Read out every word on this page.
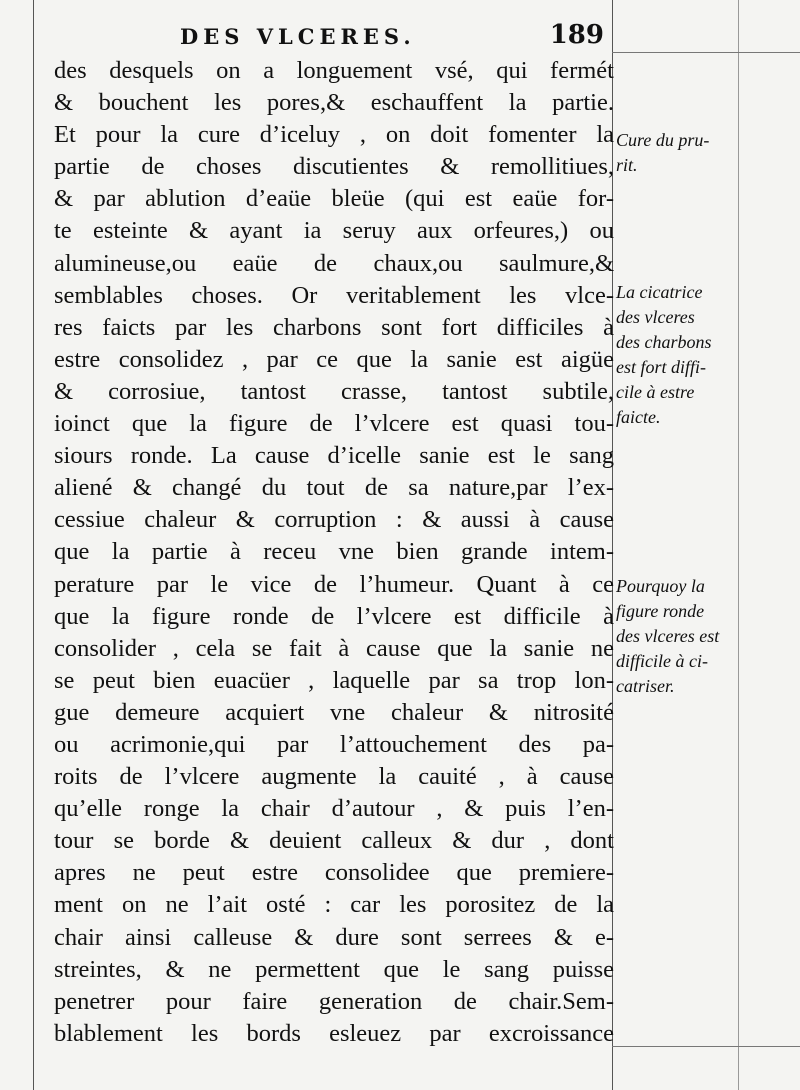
DES VLCERES.	189
des desquels on a longuement vsé, qui fermét
& bouchent les pores,& eschauffent la partie.
Et pour la cure d’iceluy , on doit fomenter la
partie de choses discutientes & remollitiues,
& par ablution d’eaüe bleüe (qui est eaüe for-
te esteinte & ayant ia seruy aux orfeures,) ou
alumineuse,ou eaüe de chaux,ou saulmure,&
semblables choses. Or veritablement les vlce-
res faicts par les charbons sont fort difficiles à
estre consolidez , par ce que la sanie est aigüe
& corrosiue, tantost crasse, tantost subtile,
ioinct que la figure de l’vlcere est quasi tou-
siours ronde. La cause d’icelle sanie est le sang
aliené & changé du tout de sa nature,par l’ex-
cessiue chaleur & corruption : & aussi à cause
que la partie à receu vne bien grande intem-
perature par le vice de l’humeur. Quant à ce
que la figure ronde de l’vlcere est difficile à
consolider , cela se fait à cause que la sanie ne
se peut bien euacüer , laquelle par sa trop lon-
gue demeure acquiert vne chaleur & nitrosité
ou acrimonie,qui par l’attouchement des pa-
roits de l’vlcere augmente la cauité , à cause
qu’elle ronge la chair d’autour , & puis l’en-
tour se borde & deuient calleux & dur , dont
apres ne peut estre consolidee que premiere-
ment on ne l’ait osté : car les porositez de la
chair ainsi calleuse & dure sont serrees & e-
streintes, & ne permettent que le sang puisse
penetrer pour faire generation de chair.Sem-
blablement les bords esleuez par excroissance
Cure du pru-
rit.
La cicatrice
des vlceres
des charbons
est fort diffi-
cile à estre
faicte.
Pourquoy la
figure ronde
des vlceres est
difficile à ci-
catriser.
